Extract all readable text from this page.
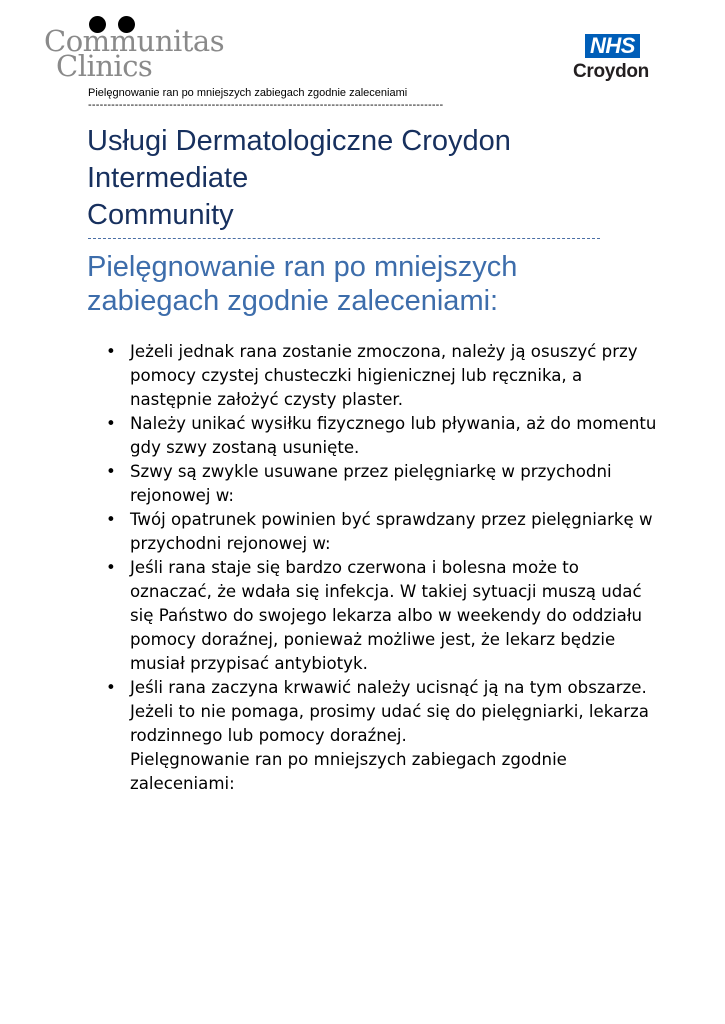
Communitas
Clinics
NHS
Croydon
Pielęgnowanie ran po mniejszych zabiegach zgodnie zaleceniami
--------------------------------------------------------------------------------------------
Usługi Dermatologiczne Croydon
Intermediate
Community
Pielęgnowanie ran po mniejszych
zabiegach zgodnie zaleceniami:
• Jeżeli jednak rana zostanie zmoczona, należy ją osuszyć przy pomocy czystej chusteczki higienicznej lub ręcznika, a następnie założyć czysty plaster.
• Należy unikać wysiłku fizycznego lub pływania, aż do momentu gdy szwy zostaną usunięte.
• Szwy są zwykle usuwane przez pielęgniarkę w przychodni rejonowej w:
• Twój opatrunek powinien być sprawdzany przez pielęgniarkę w przychodni rejonowej w:
• Jeśli rana staje się bardzo czerwona i bolesna może to oznaczać, że wdała się infekcja. W takiej sytuacji muszą udać się Państwo do swojego lekarza albo w weekendy do oddziału pomocy doraźnej, ponieważ możliwe jest, że lekarz będzie musiał przypisać antybiotyk.
• Jeśli rana zaczyna krwawić należy ucisnąć ją na tym obszarze. Jeżeli to nie pomaga, prosimy udać się do pielęgniarki, lekarza rodzinnego lub pomocy doraźnej.
Pielęgnowanie ran po mniejszych zabiegach zgodnie zaleceniami:
